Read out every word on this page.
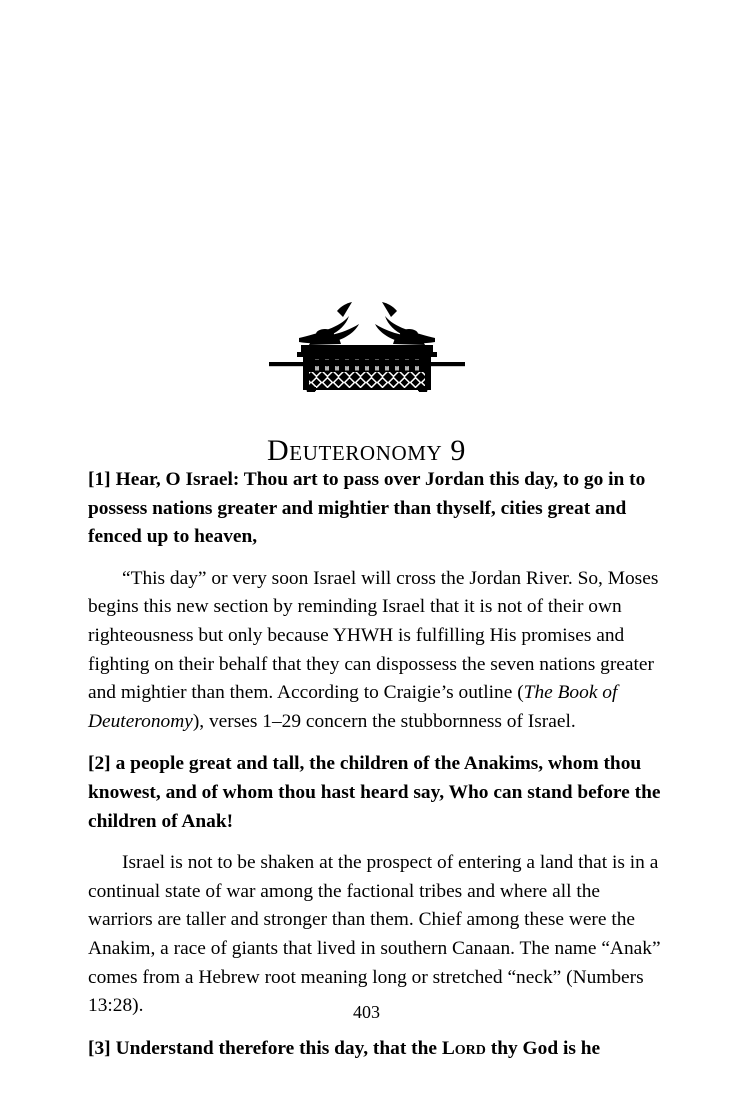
Deuteronomy 9

[1] Hear, O Israel: Thou art to pass over Jordan this day, to go in to possess nations greater and mightier than thyself, cities great and fenced up to heaven,

“This day” or very soon Israel will cross the Jordan River. So, Moses begins this new section by reminding Israel that it is not of their own righteousness but only because YHWH is fulfilling His promises and fighting on their behalf that they can dispossess the seven nations greater and mightier than them. According to Craigie’s outline (The Book of Deuteronomy), verses 1–29 concern the stubbornness of Israel.

[2] a people great and tall, the children of the Anakims, whom thou knowest, and of whom thou hast heard say, Who can stand before the children of Anak!

Israel is not to be shaken at the prospect of entering a land that is in a continual state of war among the factional tribes and where all the warriors are taller and stronger than them. Chief among these were the Anakim, a race of giants that lived in southern Canaan. The name “Anak” comes from a Hebrew root meaning long or stretched “neck” (Numbers 13:28).

[3] Understand therefore this day, that the Lord thy God is he

403
